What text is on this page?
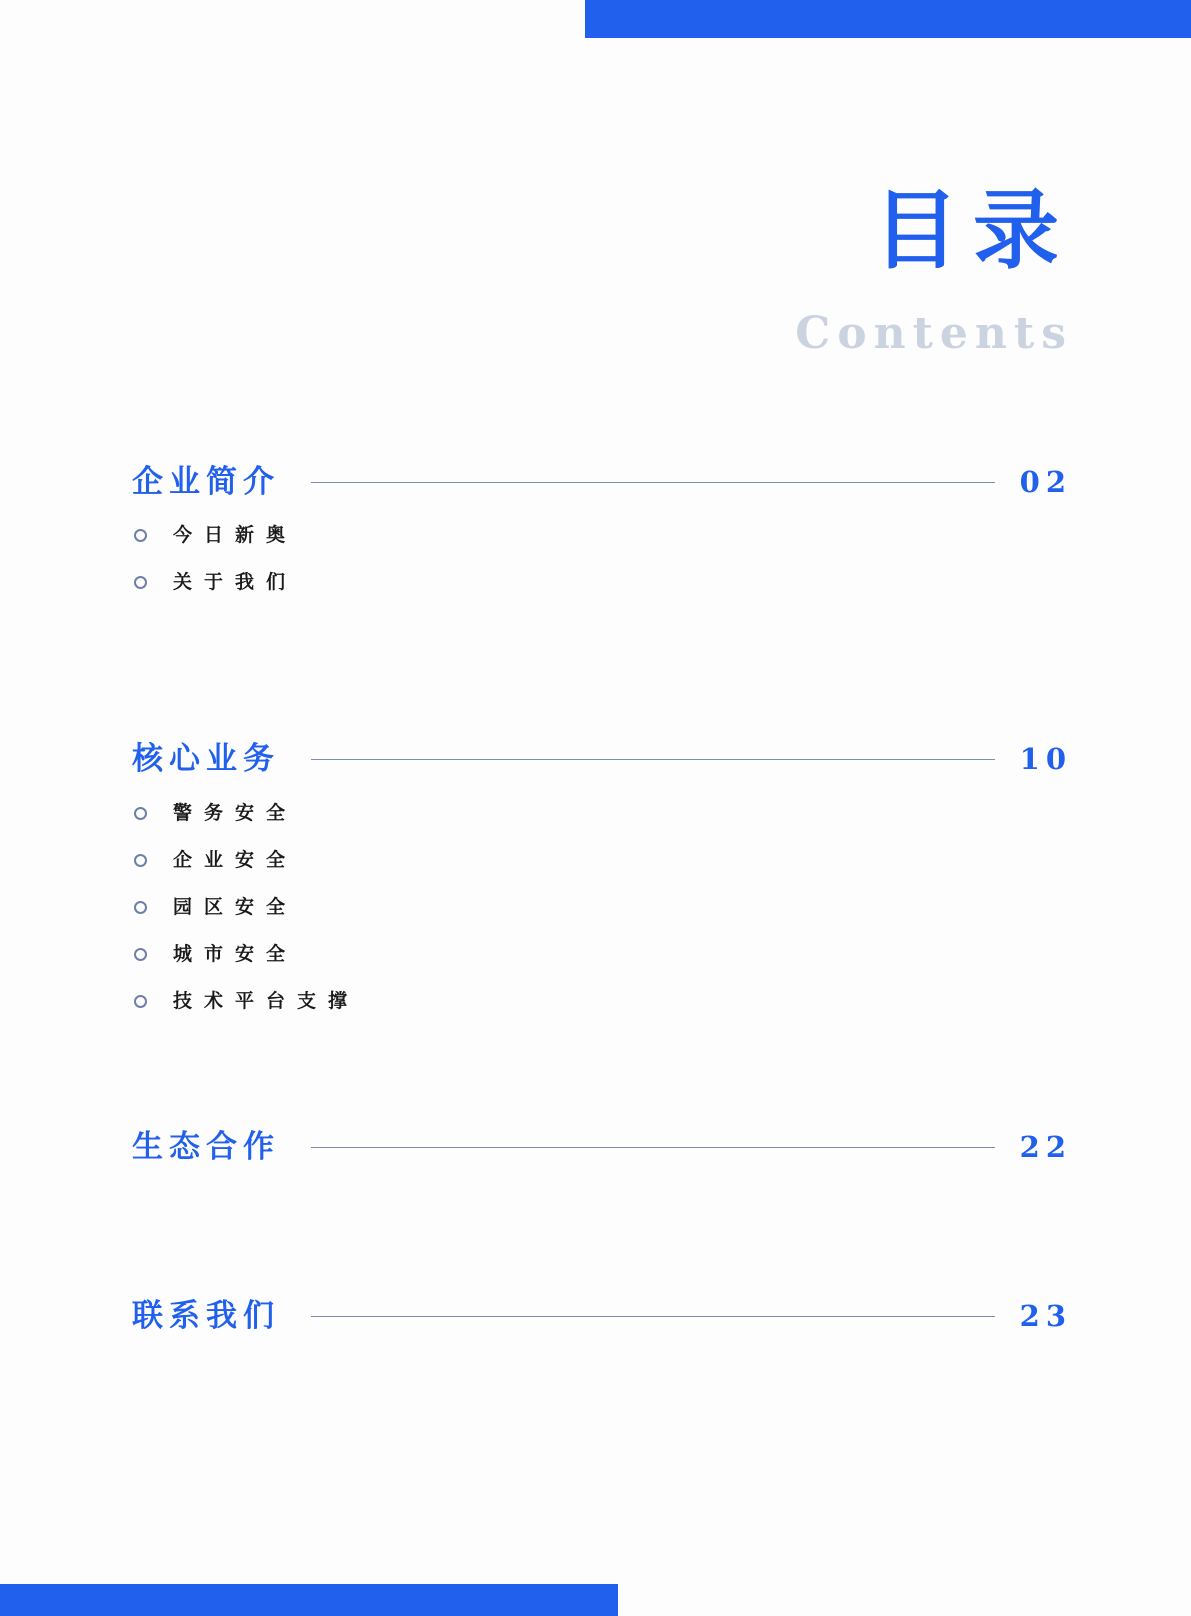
目录
Contents
企业简介	02
今日新奥
关于我们
核心业务	10
警务安全
企业安全
园区安全
城市安全
技术平台支撑
生态合作	22
联系我们	23
